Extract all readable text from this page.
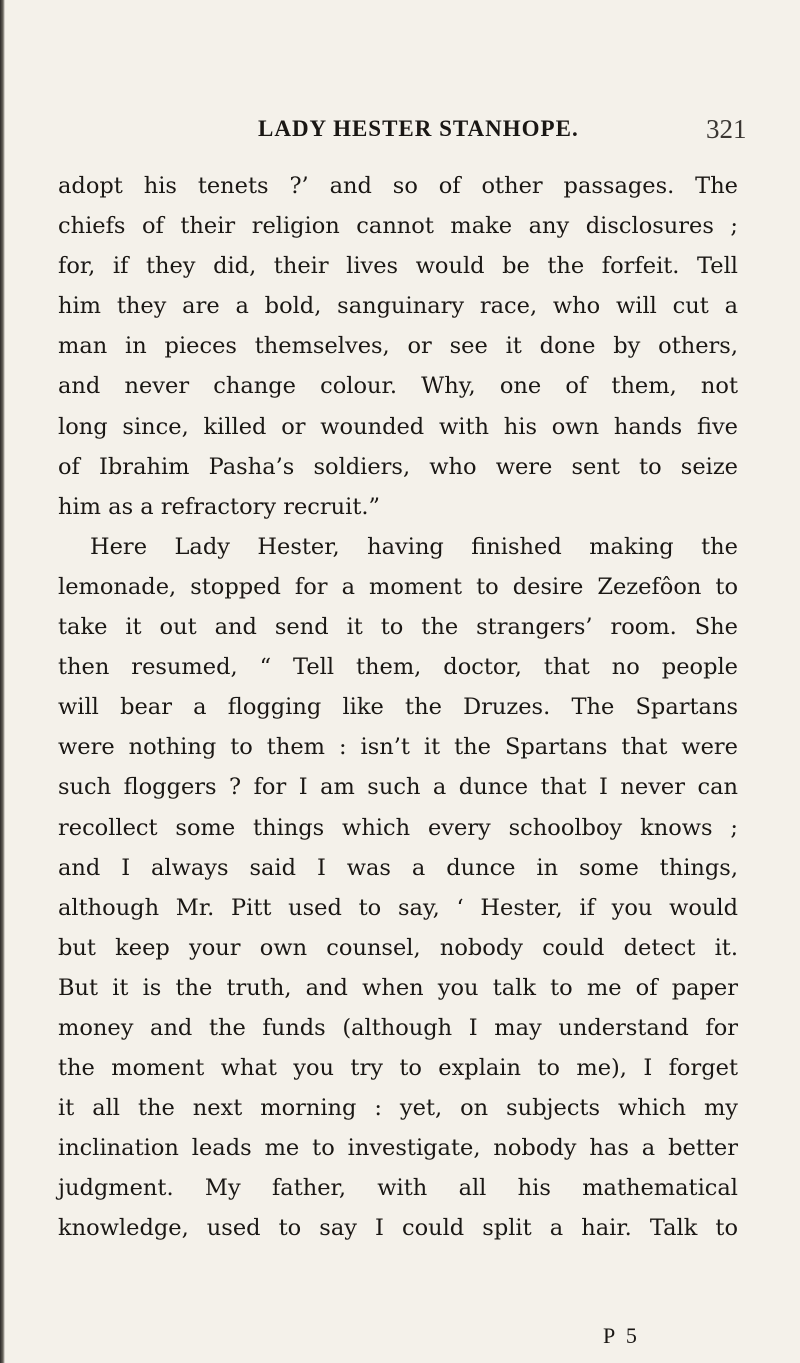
LADY HESTER STANHOPE.	321
adopt his tenets ?’ and so of other passages. The
chiefs of their religion cannot make any disclosures ;
for, if they did, their lives would be the forfeit. Tell
him they are a bold, sanguinary race, who will cut a
man in pieces themselves, or see it done by others,
and never change colour. Why, one of them, not
long since, killed or wounded with his own hands five
of Ibrahim Pasha’s soldiers, who were sent to seize
him as a refractory recruit.”
Here Lady Hester, having finished making the
lemonade, stopped for a moment to desire Zezefôon to
take it out and send it to the strangers’ room. She
then resumed, “ Tell them, doctor, that no people
will bear a flogging like the Druzes. The Spartans
were nothing to them : isn’t it the Spartans that were
such floggers ? for I am such a dunce that I never can
recollect some things which every schoolboy knows ;
and I always said I was a dunce in some things,
although Mr. Pitt used to say, ‘ Hester, if you would
but keep your own counsel, nobody could detect it.
But it is the truth, and when you talk to me of paper
money and the funds (although I may understand for
the moment what you try to explain to me), I forget
it all the next morning : yet, on subjects which my
inclination leads me to investigate, nobody has a better
judgment. My father, with all his mathematical
knowledge, used to say I could split a hair. Talk to
P 5
